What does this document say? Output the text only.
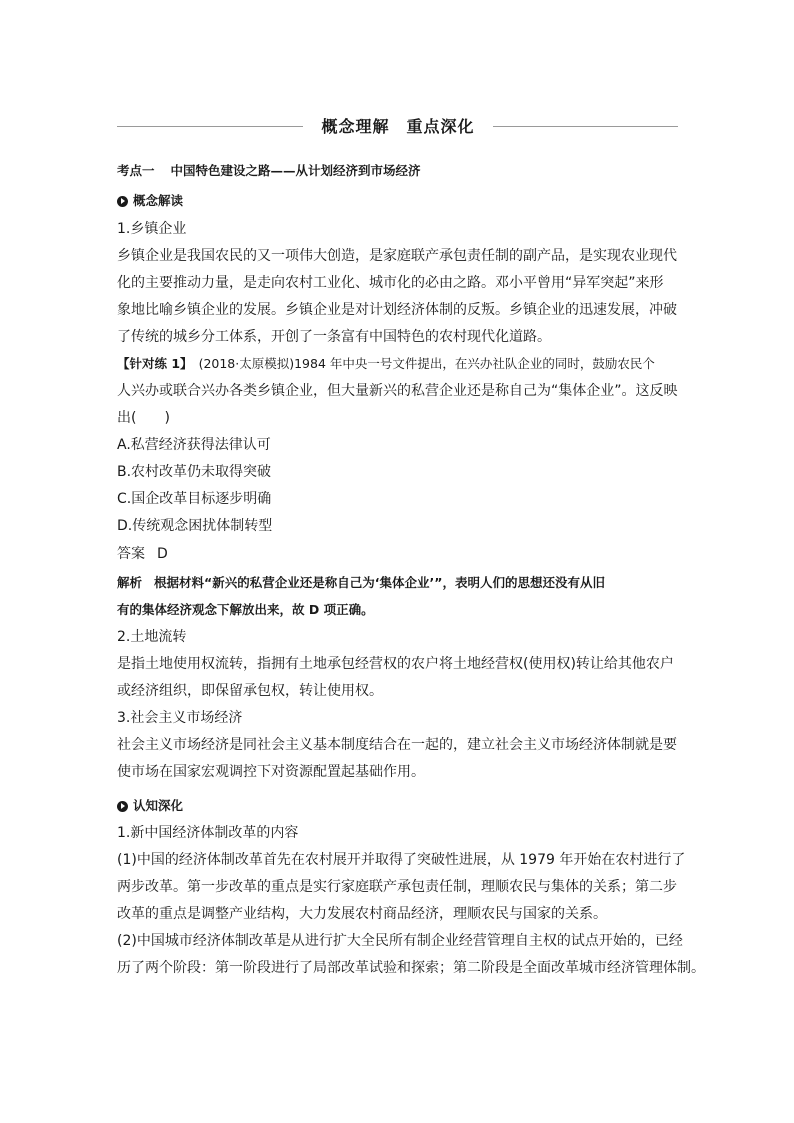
概念理解　重点深化
考点一 中国特色建设之路——从计划经济到市场经济
概念解读
1.乡镇企业
乡镇企业是我国农民的又一项伟大创造，是家庭联产承包责任制的副产品，是实现农业现代
化的主要推动力量，是走向农村工业化、城市化的必由之路。邓小平曾用“异军突起”来形
象地比喻乡镇企业的发展。乡镇企业是对计划经济体制的反叛。乡镇企业的迅速发展，冲破
了传统的城乡分工体系，开创了一条富有中国特色的农村现代化道路。
【针对练 1】 (2018·太原模拟)1984 年中央一号文件提出，在兴办社队企业的同时，鼓励农民个
人兴办或联合兴办各类乡镇企业，但大量新兴的私营企业还是称自己为“集体企业”。这反映
出(　　)
A.私营经济获得法律认可
B.农村改革仍未取得突破
C.国企改革目标逐步明确
D.传统观念困扰体制转型
答案 D
解析 根据材料“新兴的私营企业还是称自己为‘集体企业’”，表明人们的思想还没有从旧
有的集体经济观念下解放出来，故 D 项正确。
2.土地流转
是指土地使用权流转，指拥有土地承包经营权的农户将土地经营权(使用权)转让给其他农户
或经济组织，即保留承包权，转让使用权。
3.社会主义市场经济
社会主义市场经济是同社会主义基本制度结合在一起的，建立社会主义市场经济体制就是要
使市场在国家宏观调控下对资源配置起基础作用。
认知深化
1.新中国经济体制改革的内容
(1)中国的经济体制改革首先在农村展开并取得了突破性进展，从 1979 年开始在农村进行了
两步改革。第一步改革的重点是实行家庭联产承包责任制，理顺农民与集体的关系；第二步
改革的重点是调整产业结构，大力发展农村商品经济，理顺农民与国家的关系。
(2)中国城市经济体制改革是从进行扩大全民所有制企业经营管理自主权的试点开始的，已经
历了两个阶段：第一阶段进行了局部改革试验和探索；第二阶段是全面改革城市经济管理体制。
